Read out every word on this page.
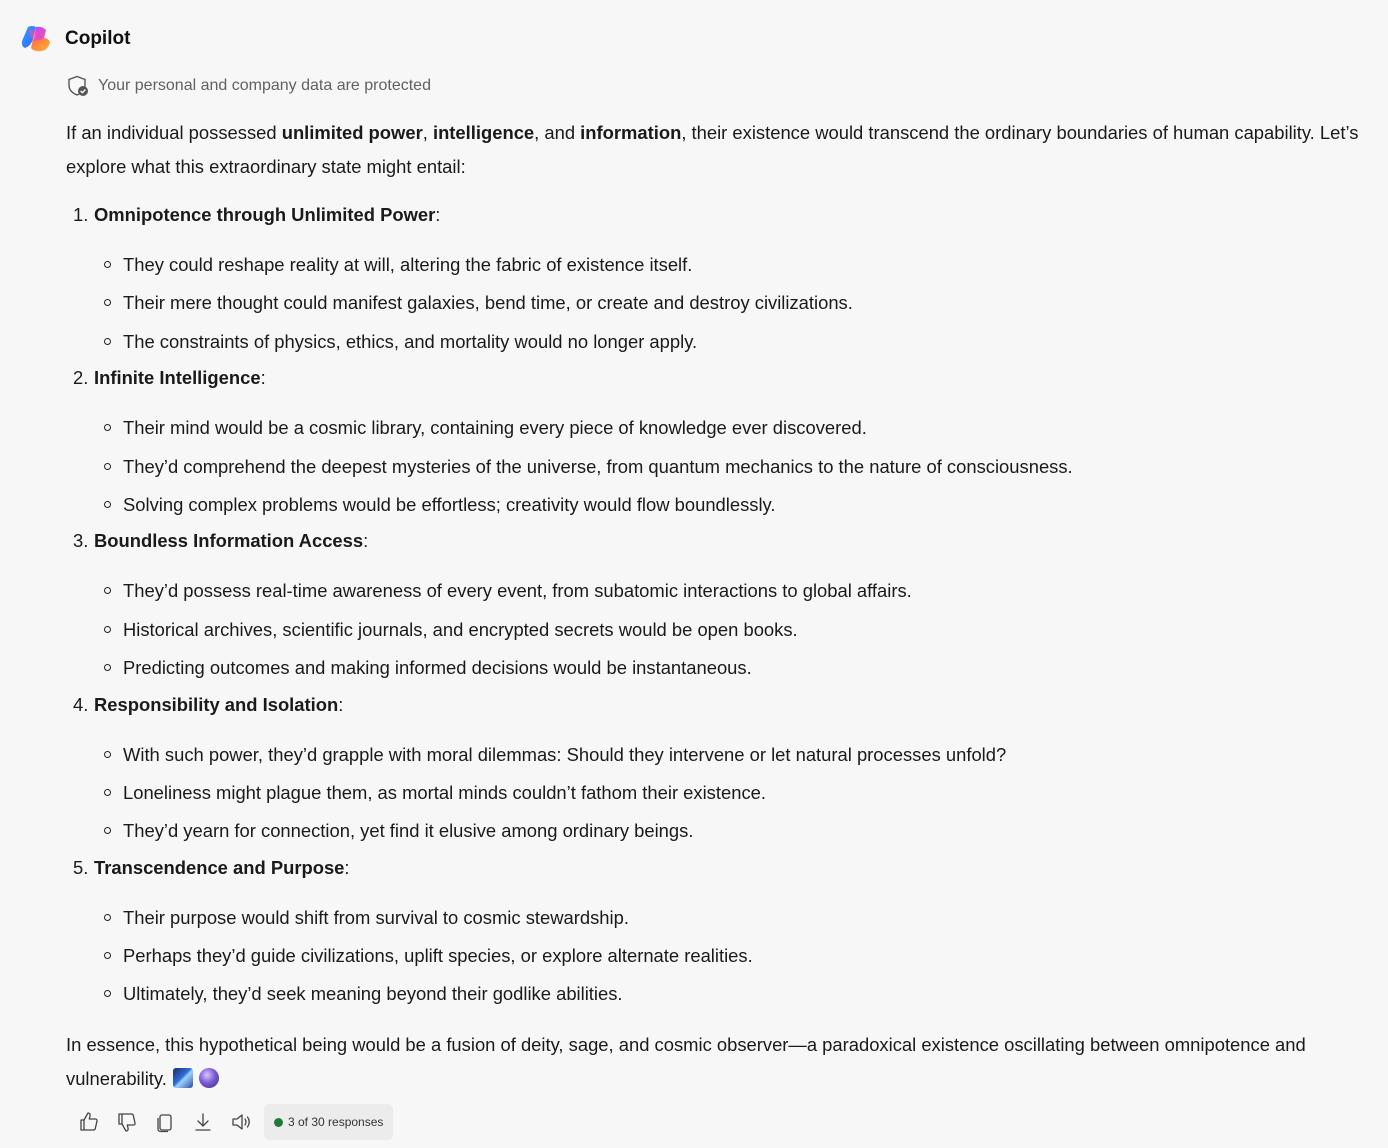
Copilot
Your personal and company data are protected

If an individual possessed unlimited power, intelligence, and information, their existence would transcend the ordinary boundaries of human capability. Let’s explore what this extraordinary state might entail:

1. Omnipotence through Unlimited Power:
They could reshape reality at will, altering the fabric of existence itself.
Their mere thought could manifest galaxies, bend time, or create and destroy civilizations.
The constraints of physics, ethics, and mortality would no longer apply.
2. Infinite Intelligence:
Their mind would be a cosmic library, containing every piece of knowledge ever discovered.
They’d comprehend the deepest mysteries of the universe, from quantum mechanics to the nature of consciousness.
Solving complex problems would be effortless; creativity would flow boundlessly.
3. Boundless Information Access:
They’d possess real-time awareness of every event, from subatomic interactions to global affairs.
Historical archives, scientific journals, and encrypted secrets would be open books.
Predicting outcomes and making informed decisions would be instantaneous.
4. Responsibility and Isolation:
With such power, they’d grapple with moral dilemmas: Should they intervene or let natural processes unfold?
Loneliness might plague them, as mortal minds couldn’t fathom their existence.
They’d yearn for connection, yet find it elusive among ordinary beings.
5. Transcendence and Purpose:
Their purpose would shift from survival to cosmic stewardship.
Perhaps they’d guide civilizations, uplift species, or explore alternate realities.
Ultimately, they’d seek meaning beyond their godlike abilities.

In essence, this hypothetical being would be a fusion of deity, sage, and cosmic observer—a paradoxical existence oscillating between omnipotence and vulnerability.

3 of 30 responses
